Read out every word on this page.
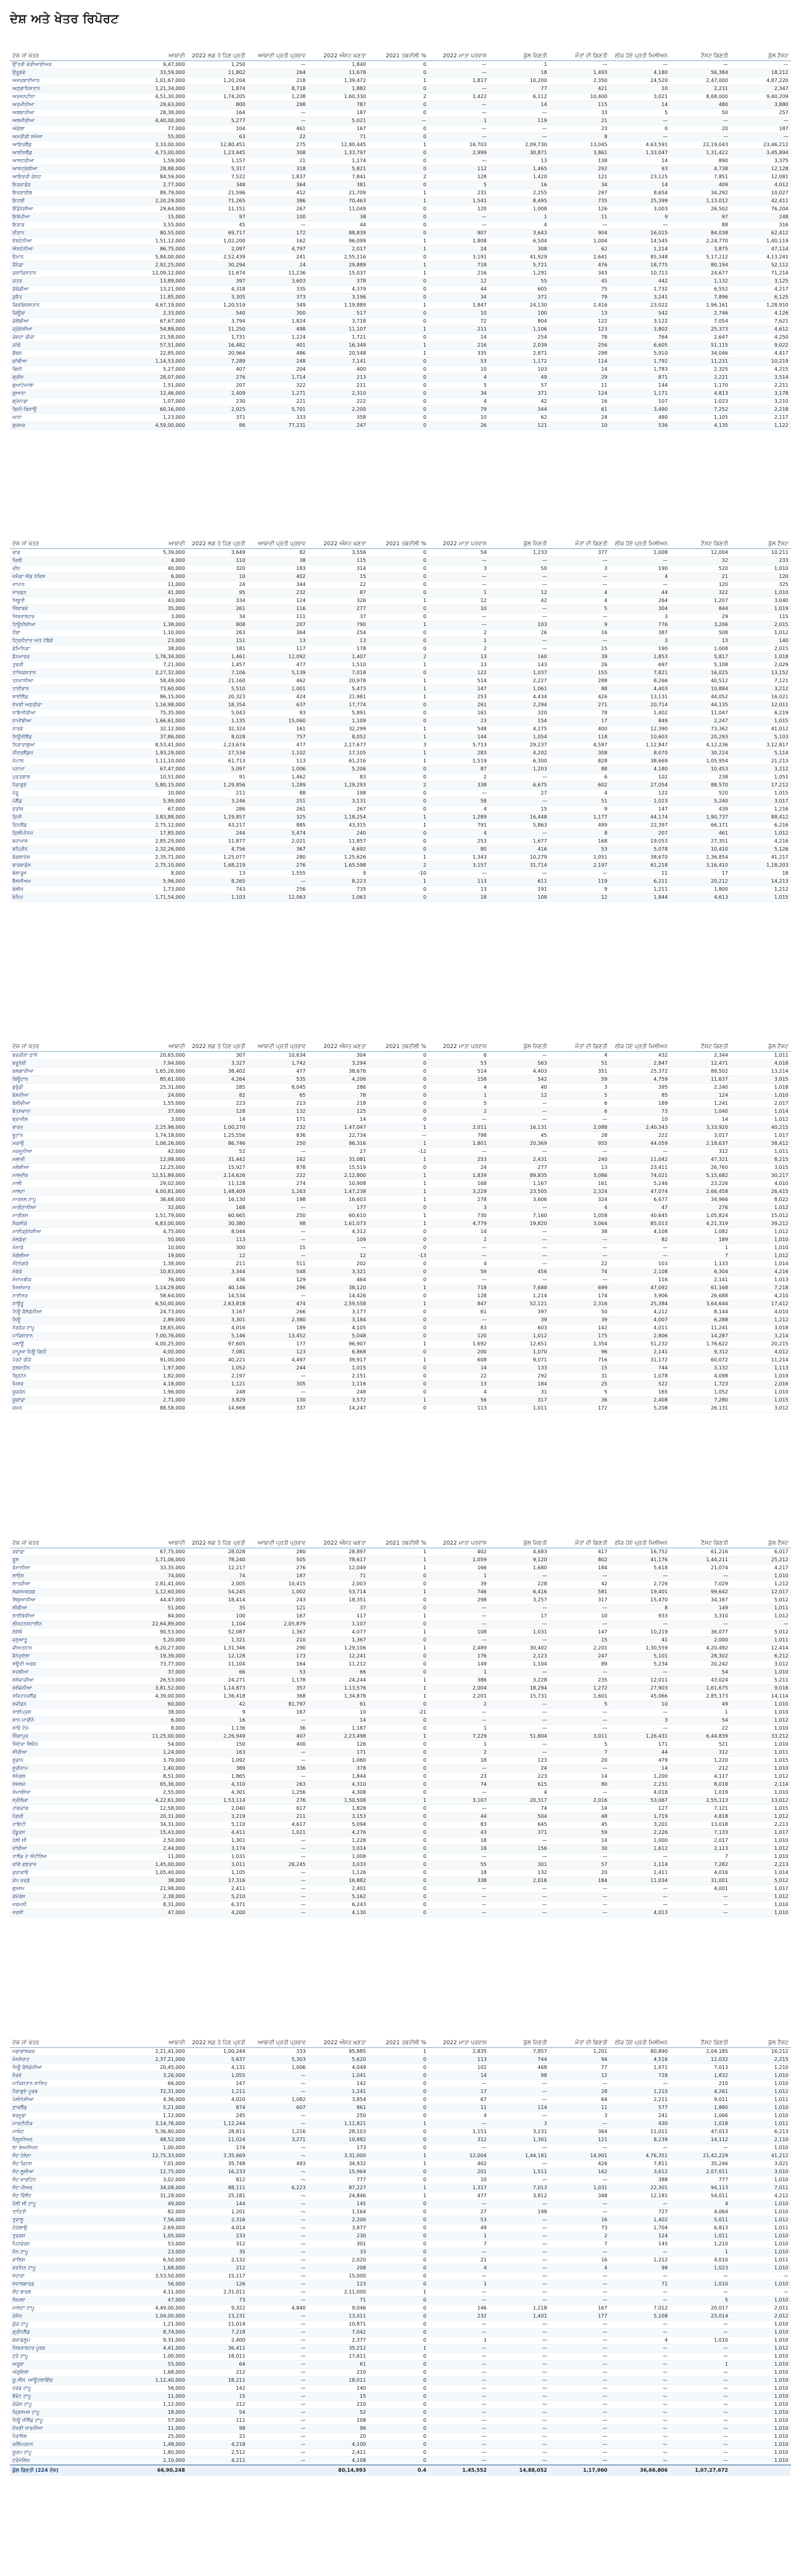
ਦੇਸ਼ ਅਤੇ ਖੇਤਰ ਰਿਪੋਰਟ
ਦੇਸ਼ ਜਾਂ ਖੇਤਰ	ਆਬਾਦੀ	2022 ਲਗ ਤੇ ਹਿਣ ਪ੍ਰਤੀ	ਆਬਾਦੀ ਪ੍ਰਤੀ ਪ੍ਰਭਾਵ	2022 ਔਸਤ ਘਣਤਾ	2021 ਤਬਦੀਲੀ %	2022 ਮਾਤਾ ਪਰਵਾਸ	ਕੁੱਲ ਜਿਣਤੀ	ਮੌਤਾਂ ਦੀ ਗਿਣਤੀ	ਠੀਕ ਹੋਏ ਪ੍ਰਤੀ ਮਿਲੀਅਨ	ਟੈਸਟ ਗਿਣਤੀ	ਕੁੱਲ ਟੈਸਟ
ਉੱਤਰੀ ਕੋਰੀਆਈਅਰ	9,47,000	1,250	—	1,840	0	—	1	—	—	—	—
ਉਰੂਗਵੇ	33,59,000	11,802	264	11,678	0	—	18	1,493	4,180	56,384	18,212
ਅਜ਼ਰਬਾਈਜਾਨ	1,01,67,000	1,20,204	218	1,39,472	1	1,817	10,200	2,350	24,520	2,47,000	4,87,220
ਅਫ਼ਗਾਨਿਸਤਾਨ	1,21,34,000	1,874	8,718	1,882	0	—	77	421	10	2,231	2,347
ਅਰਜਨਟੀਨਾ	4,51,30,000	1,74,205	1,238	1,60,330	2	1,422	6,112	10,400	3,021	8,68,000	9,40,209
ਅਰਮੀਨੀਆ	29,63,000	800	298	787	0	—	14	115	14	480	3,880
ਅਲਬਾਨੀਆ	28,38,000	164	—	187	0	—	—	33	5	50	257
ਅਲਜੀਰੀਆ	4,40,00,000	5,277	—	5,021	—	1	119	21	—	—	—
ਅੰਗੋਲਾ	77,000	104	461	167	0	—	—	23	0	20	187
ਅਮਰੀਕੀ ਸਮੋਆ	55,000	63	22	71	0	—	—	8	—	—	—
ਆਇਰਲੈਂਡ	3,33,00,000	12,80,451	275	12,80,445	1	16,703	2,09,730	13,045	4,63,591	22,19,043	23,46,212
ਆਈਸਲੈਂਡ	4,73,00,000	1,23,445	308	1,33,797	0	2,999	30,871	3,861	1,33,047	1,31,422	3,45,894
ਆਸਟਰੀਆ	1,59,000	1,157	21	1,174	0	—	13	138	14	890	3,375
ਆਸਟ੍ਰੇਲੀਆ	28,88,000	5,317	318	5,821	0	112	1,465	292	93	4,738	12,128
ਆਇਵਰੀ ਕੋਸਟ	84,59,000	7,522	1,837	7,841	2	128	1,420	121	23,125	7,851	12,081
ਇਕਵਾਡੋਰ	2,77,000	348	364	381	0	5	16	34	14	409	4,012
ਇਜ਼ਰਾਈਲ	89,79,000	21,596	412	21,709	1	231	2,255	297	8,654	34,292	10,027
ਇਟਲੀ	2,20,29,000	71,265	386	70,463	1	1,541	8,495	735	25,399	1,13,012	42,411
ਇੰਡੋਨੇਸ਼ੀਆ	29,64,000	11,151	267	11,049	0	120	1,008	126	3,003	26,502	76,204
ਇਥੋਪੀਆ	15,000	97	100	38	0	—	1	11	9	97	248
ਇਰਾਕ	3,55,000	45	—	44	0	—	4	—	—	88	316
ਈਰਾਨ	80,55,000	69,717	172	88,839	0	907	3,643	904	16,015	84,038	62,412
ਏਸਟੋਨੀਆ	1,51,12,000	1,02,200	162	96,099	1	1,808	6,504	1,004	14,545	2,24,770	1,40,119
ਐਸਟੋਨੀਆ	86,75,000	2,097	4,797	2,017	1	24	308	62	1,214	3,875	47,114
ਓਮਾਨ	5,84,00,000	2,52,439	241	2,55,116	0	3,191	41,929	2,641	85,348	5,17,212	4,13,241
ਕੈਨੇਡਾ	2,92,25,000	30,294	24	29,889	1	718	5,721	476	18,775	80,194	52,112
ਕਜ਼ਾਕਿਸਤਾਨ	12,09,12,000	11,674	11,236	15,037	1	216	1,291	343	10,713	24,677	71,214
ਕਤਰ	13,89,000	397	3,603	378	0	12	55	45	442	1,132	3,125
ਕੰਬੋਡੀਆ	13,21,000	4,318	335	4,379	0	44	605	75	1,732	6,552	4,217
ਕੁਵੈਤ	11,85,000	3,305	373	3,196	0	34	371	79	3,241	7,896	6,125
ਕਿਰਗਿਜ਼ਸਤਾਨ	4,67,19,000	1,20,519	349	1,19,889	1	1,847	24,130	2,416	23,022	1,96,161	1,28,910
ਕਿਊਬਾ	2,33,000	540	300	517	0	10	100	13	542	2,746	4,126
ਕੋਲੰਬੀਆ	67,67,000	3,794	1,824	3,718	0	72	804	122	3,122	7,054	7,621
ਕ੍ਰੋਏਸ਼ੀਆ	54,89,000	11,250	498	11,107	1	211	1,106	123	3,802	25,373	4,612
ਕੋਸਟਾ ਰੀਕਾ	21,58,000	1,731	1,224	1,721	0	14	254	78	764	2,647	4,250
ਕਾਂਗੋ	57,51,000	16,482	401	16,349	1	216	2,039	256	6,605	51,115	9,022
ਗੈਬਨ	22,85,000	20,964	486	20,548	1	335	2,871	298	5,910	34,046	4,417
ਗਾਂਬੀਆ	1,14,53,000	7,289	248	7,141	0	53	1,172	114	1,792	11,231	10,219
ਗਿਨੀ	5,27,000	407	204	400	0	10	103	14	1,783	2,325	4,215
ਗ੍ਰੀਸ	28,07,000	276	1,714	213	0	4	49	29	871	2,221	3,514
ਗੁਆਟੇਮਾਲਾ	1,51,000	207	322	211	0	5	57	11	144	1,170	2,211
ਗੁਆਨਾ	12,46,000	2,409	1,271	2,310	0	34	371	124	1,171	4,813	3,178
ਗ੍ਰੇਨਾਡਾ	1,07,000	230	221	222	0	4	42	16	107	1,023	3,210
ਗਿਨੀ-ਬਿਸਾਉ	60,16,000	2,025	5,701	2,200	0	79	344	61	3,490	7,252	2,218
ਘਾਨਾ	1,23,000	371	333	358	0	10	62	24	480	1,105	2,117
ਗੁਰਜਰ	4,59,00,000	86	77,231	247	0	26	121	10	536	4,135	1,122
ਦੇਸ਼ ਜਾਂ ਖੇਤਰ	ਆਬਾਦੀ	2022 ਲਗ ਤੇ ਹਿਣ ਪ੍ਰਤੀ	ਆਬਾਦੀ ਪ੍ਰਤੀ ਪ੍ਰਭਾਵ	2022 ਔਸਤ ਘਣਤਾ	2021 ਤਬਦੀਲੀ %	2022 ਮਾਤਾ ਪਰਵਾਸ	ਕੁੱਲ ਜਿਣਤੀ	ਮੌਤਾਂ ਦੀ ਗਿਣਤੀ	ਠੀਕ ਹੋਏ ਪ੍ਰਤੀ ਮਿਲੀਅਨ	ਟੈਸਟ ਗਿਣਤੀ	ਕੁੱਲ ਟੈਸਟ
ਚਾਡ	5,39,000	3,649	82	3,556	0	54	1,233	377	1,008	12,004	10,211
ਚਿਲੀ	4,000	110	38	115	0	—	—	—	—	32	233
ਚੀਨ	40,000	320	183	314	0	3	50	3	190	520	1,010
ਜਮੈਕਾ ਐਂਡ ਨੇਵਿਸ	6,000	10	402	15	0	—	—	—	4	21	120
ਜਾਪਾਨ	11,000	24	344	22	0	—	—	—	—	120	325
ਜਾਰਡਨ	41,000	95	232	87	0	1	12	4	44	322	1,010
ਜਿਬੂਤੀ	43,000	334	124	326	1	12	42	4	264	1,207	3,040
ਜ਼ਿੰਬਾਬਵੇ	35,000	261	116	277	0	10	—	5	304	844	1,019
ਜਿਬਰਾਲਟਰ	3,000	34	111	37	0	—	—	—	3	29	115
ਟਿਊਨੀਸ਼ੀਆ	1,38,000	808	207	790	1	—	103	9	776	3,206	2,015
ਟੋਂਗਾ	1,10,000	263	364	254	0	2	26	16	387	508	1,012
ਟ੍ਰਿਨੀਦਾਦ ਅਤੇ ਟੋਬੈਗੋ	23,000	151	13	13	0	1	—	—	3	13	140
ਡੋਮਿਨਿਕਾ	38,000	181	117	178	0	2	—	15	190	1,008	2,015
ਡੈਨਮਾਰਕ	1,78,34,000	1,461	12,092	1,407	2	13	160	39	1,853	5,817	1,018
ਤੁਰਕੀ	7,21,000	1,457	477	1,510	1	13	143	26	697	5,108	2,029
ਤਾਜਿਕਸਤਾਨ	2,27,32,000	7,106	5,139	7,018	0	122	1,037	155	7,821	16,025	13,152
ਤਨਜ਼ਾਨੀਆ	58,49,000	21,160	462	20,978	1	514	2,227	288	8,266	40,512	7,121
ਤਾਈਵਾਨ	73,60,000	5,510	1,001	5,473	1	147	1,061	88	4,403	10,884	3,212
ਥਾਈਲੈਂਡ	86,15,000	20,323	424	21,981	1	253	4,434	426	13,131	44,052	16,021
ਦੱਖਣੀ ਅਫ਼ਰੀਕਾ	1,16,98,000	18,354	637	17,774	0	261	2,294	271	20,714	44,135	12,011
ਨਾਇਜੀਰੀਆ	75,35,000	5,043	93	5,891	0	161	320	78	1,402	11,047	6,219
ਨਾਮੀਬੀਆ	1,66,61,000	1,135	15,060	1,109	0	23	154	17	849	2,247	1,015
ਨਾਰਵੇ	32,12,000	32,324	161	32,299	1	548	4,275	400	12,390	73,362	41,012
ਨਿਊਜ਼ੀਲੈਂਡ	37,86,000	8,028	757	8,052	1	144	1,054	118	10,603	20,293	5,103
ਨਿਕਾਰਾਗੁਆ	8,53,41,000	2,23,674	477	2,17,677	3	5,713	29,237	4,597	1,12,847	4,12,236	3,12,817
ਨੀਦਰਲੈਂਡਜ਼	1,93,29,000	17,534	1,102	17,105	1	283	4,202	308	8,070	30,224	5,114
ਨੇਪਾਲ	1,11,10,000	61,713	113	61,216	1	1,519	6,300	828	38,669	1,05,954	21,213
ਪਨਾਮਾ	67,47,000	5,097	1,006	5,206	0	87	1,203	88	4,180	10,453	3,212
ਪੁਰਤਗਾਲ	10,51,000	91	1,462	83	0	2	—	6	102	238	1,051
ਪੈਰਾਗੁਏ	5,80,15,000	1,29,856	1,289	1,29,293	2	338	6,675	602	27,054	88,570	17,212
ਪੇਰੂ	10,000	211	88	198	0	—	27	4	122	520	1,015
ਪੋਲੈਂਡ	5,99,000	3,246	251	3,131	0	58	—	51	1,023	5,240	3,017
ਫ਼ਰਾਂਸ	67,000	286	261	267	0	4	15	9	147	439	1,216
ਫ਼ਿਜੀ	3,83,88,000	1,19,857	325	1,18,254	1	1,289	16,448	1,177	44,174	1,90,737	88,412
ਫ਼ਿਨਲੈਂਡ	2,75,12,000	43,217	885	43,315	1	791	5,863	499	22,397	66,171	6,216
ਫ਼ਿਲੀਪੀਨਜ਼	17,85,000	244	5,474	240	0	4	—	8	207	461	1,012
ਬਹਾਮਾਸ	2,85,29,000	11,877	2,021	11,857	0	253	1,677	168	19,053	27,351	4,216
ਬਹਿਰੀਨ	2,32,26,000	4,756	367	4,692	0	80	416	53	5,078	10,410	5,126
ਬੰਗਲਾਦੇਸ਼	2,35,71,000	1,25,077	280	1,25,626	1	1,343	10,279	1,051	38,670	1,36,854	41,217
ਬਾਰਬਾਡੋਸ	2,75,10,000	1,68,219	276	1,65,598	2	3,157	31,714	2,197	61,218	3,16,410	1,18,203
ਬੇਲਾਰੂਸ	8,000	13	1,555	9	-10	—	—	—	11	17	18
ਬੈਲਜੀਅਮ	5,96,000	8,265	—	8,223	1	113	611	119	6,211	20,212	14,213
ਬੇਲੀਜ਼	1,73,000	743	256	735	0	13	191	9	1,211	1,800	1,212
ਬੇਨਿਨ	1,71,54,000	1,103	12,063	1,063	0	18	108	12	1,844	4,613	1,015
ਦੇਸ਼ ਜਾਂ ਖੇਤਰ	ਆਬਾਦੀ	2022 ਲਗ ਤੇ ਹਿਣ ਪ੍ਰਤੀ	ਆਬਾਦੀ ਪ੍ਰਤੀ ਪ੍ਰਭਾਵ	2022 ਔਸਤ ਘਣਤਾ	2021 ਤਬਦੀਲੀ %	2022 ਮਾਤਾ ਪਰਵਾਸ	ਕੁੱਲ ਜਿਣਤੀ	ਮੌਤਾਂ ਦੀ ਗਿਣਤੀ	ਠੀਕ ਹੋਏ ਪ੍ਰਤੀ ਮਿਲੀਅਨ	ਟੈਸਟ ਗਿਣਤੀ	ਕੁੱਲ ਟੈਸਟ
ਬਰਕੀਨਾ ਫ਼ਾਸੋ	20,65,000	307	10,634	304	0	6	—	4	432	2,344	1,011
ਬਰੂਨੇਈ	7,94,000	3,327	1,742	3,294	0	53	563	51	2,847	12,471	4,018
ਬਲਗਾਰੀਆ	1,65,26,000	38,402	477	38,676	0	514	4,403	351	25,372	89,502	13,214
ਬਿਊਟਾਨ	85,61,000	4,264	535	4,206	0	158	542	59	4,759	11,637	3,015
ਬੁਰੁੰਡੀ	25,31,000	285	8,045	286	0	4	40	3	395	2,240	1,018
ਬੋਸਨੀਆ	24,000	82	65	78	0	1	12	5	85	124	1,010
ਬੋਲੀਵੀਆ	1,55,000	223	213	218	0	5	—	6	189	1,241	2,017
ਬੋਤਸਵਾਨਾ	37,000	128	132	125	0	2	—	6	73	1,040	1,014
ਬ੍ਰਾਜ਼ੀਲ	3,000	14	171	14	0	—	—	—	10	14	1,012
ਭਾਰਤ	2,25,96,000	1,00,270	232	1,47,047	1	2,011	16,131	2,088	2,40,343	3,33,920	40,215
ਭੂਟਾਨ	1,74,18,000	1,25,556	836	22,734	—	798	45	28	222	3,017	1,017
ਮਕਾਉ	1,06,26,000	86,746	250	86,316	1	1,801	20,369	955	44,059	2,18,637	38,412
ਮਕਦੂਨੀਆ	42,000	52	—	27	-12	—	—	—	—	312	1,011
ਮਲਾਵੀ	12,98,000	31,442	162	31,081	1	253	2,431	240	11,042	47,321	8,215
ਮਲੇਸ਼ੀਆ	12,25,000	15,927	878	15,519	0	24	277	13	23,411	26,760	3,015
ਮਾਲਦੀਵ	12,51,89,000	2,14,626	222	2,12,800	1	1,839	89,835	3,086	74,021	5,15,682	30,217
ਮਾਲੀ	29,02,000	11,128	274	10,908	1	168	1,167	161	5,246	23,226	4,010
ਮਾਲਟਾ	4,00,81,000	1,48,409	1,263	1,47,238	1	3,229	23,505	2,324	47,074	2,66,458	26,415
ਮਾਰਸ਼ਲ ਟਾਪੂ	36,68,000	16,130	198	16,603	1	278	3,606	324	6,677	34,966	8,022
ਮਾਰੀਟਾਨੀਆ	32,000	168	—	177	0	3	—	4	47	276	1,012
ਮਾਰੀਸ਼ਸ	1,51,79,000	60,665	250	60,610	1	730	7,160	1,058	40,645	1,05,824	15,012
ਮੈਕਸੀਕੋ	6,83,00,000	30,380	98	1,61,073	1	4,779	19,820	3,064	85,013	4,21,319	39,212
ਮਾਈਕ੍ਰੋਨੇਸ਼ੀਆ	4,75,000	8,044	—	4,312	0	14	—	38	4,108	1,082	1,012
ਮੋਲਡੋਵਾ	50,000	113	—	109	0	2	—	—	82	189	1,010
ਮੋਨਾਕੋ	10,000	300	15	—	0	—	—	—	—	1	1,010
ਮੰਗੋਲੀਆ	19,000	12	—	12	-13	—	—	—	—	7	1,012
ਮੋਂਟੇਨੇਗਰੋ	1,38,000	211	511	202	0	4	—	22	103	1,133	1,014
ਮੋਰੱਕੋ	10,83,000	3,344	548	3,321	0	59	456	74	2,108	6,304	4,216
ਮੋਜ਼ਾਮਬੀਕ	76,000	436	129	464	0	—	—	—	116	2,141	1,013
ਮਿਆਂਮਾਰ	1,14,29,000	40,146	296	38,120	1	718	7,688	699	47,092	61,168	7,218
ਨਾਈਜਰ	58,64,000	14,534	—	14,426	0	128	1,214	174	3,906	26,688	4,210
ਨਾਉਰੂ	6,50,00,000	2,63,818	474	2,59,558	1	847	52,121	2,316	25,384	3,64,644	17,412
ਨਿਊ ਕੈਲੇਡੋਨੀਆ	24,73,000	3,167	266	3,177	0	61	397	50	4,212	8,144	4,010
ਨਿਊ	2,89,000	3,301	2,380	3,184	0	—	39	39	4,007	6,288	1,212
ਨੋਰਫੋਕ ਟਾਪੂ	18,65,000	4,016	189	4,105	0	83	603	142	4,011	11,241	3,018
ਪਾਕਿਸਤਾਨ	7,00,76,000	5,146	13,452	5,048	0	120	1,012	175	2,806	14,287	3,214
ਪਲਾਊ	4,00,25,000	97,605	177	96,907	1	1,692	12,651	1,354	51,232	1,76,622	20,215
ਪਾਪੂਆ ਨਿਊ ਗਿਨੀ	4,00,000	7,081	123	6,868	0	200	1,070	96	2,141	9,312	4,012
ਪੋਰਟੋ ਰੀਕੋ	91,00,000	40,221	4,497	39,917	1	608	9,071	716	31,172	60,072	11,214
ਫ਼ਲਸਤੀਨ	1,97,000	1,052	244	1,015	0	14	133	15	744	3,132	1,113
ਬ੍ਰਿਟੇਨ	1,82,000	2,197	—	2,151	0	22	292	31	1,078	4,098	1,019
ਮਿਸਰ	4,18,000	1,121	305	1,116	0	13	184	25	522	1,723	2,016
ਯੂਕਰੇਨ	1,96,000	248	—	248	0	4	31	5	165	1,052	1,010
ਯੂਗਾਂਡਾ	2,71,000	3,829	130	3,572	1	56	317	36	2,408	7,280	1,015
ਯਮਨ	88,58,000	14,668	337	14,247	0	113	1,011	172	5,208	26,131	3,012
ਦੇਸ਼ ਜਾਂ ਖੇਤਰ	ਆਬਾਦੀ	2022 ਲਗ ਤੇ ਹਿਣ ਪ੍ਰਤੀ	ਆਬਾਦੀ ਪ੍ਰਤੀ ਪ੍ਰਭਾਵ	2022 ਔਸਤ ਘਣਤਾ	2021 ਤਬਦੀਲੀ %	2022 ਮਾਤਾ ਪਰਵਾਸ	ਕੁੱਲ ਜਿਣਤੀ	ਮੌਤਾਂ ਦੀ ਗਿਣਤੀ	ਠੀਕ ਹੋਏ ਪ੍ਰਤੀ ਮਿਲੀਅਨ	ਟੈਸਟ ਗਿਣਤੀ	ਕੁੱਲ ਟੈਸਟ
ਰਵਾਂਡਾ	67,75,000	28,028	280	28,897	1	402	4,683	417	16,752	61,216	6,017
ਰੂਸ	1,71,06,000	78,240	505	78,617	1	1,059	9,120	802	41,176	1,44,211	25,212
ਰੋਮਾਨੀਆ	33,35,000	12,217	276	12,049	1	166	1,680	184	5,618	21,074	4,217
ਲਾਓਸ	74,000	74	187	71	0	1	—	—	—	—	1,010
ਲਾਤਵੀਆ	2,81,41,000	2,005	10,415	2,003	0	39	228	42	2,726	7,029	1,212
ਲਕਸਮਬਰਗ	1,12,60,000	54,245	1,002	53,714	1	746	6,416	581	19,401	99,642	12,017
ਲਿਥੁਆਨੀਆ	44,47,000	18,414	243	18,351	0	298	3,257	317	15,470	34,167	5,012
ਲੀਬੀਆ	51,000	35	121	37	0	—	—	—	8	149	1,011
ਲਾਈਬੇਰੀਆ	84,000	100	167	117	1	—	17	10	933	3,310	1,012
ਲੀਖਟਨਸ਼ਟਾਈਨ	22,64,89,000	1,104	2,05,879	1,107	0	—	—	—	—	—	—
ਲੇਸੋਥੋ	90,53,000	52,087	1,367	4,077	1	108	1,031	147	10,219	36,077	5,012
ਵਨੁਆਤੂ	5,20,000	1,321	210	1,367	0	—	—	15	41	2,000	1,011
ਵੀਅਤਨਾਮ	6,20,27,000	1,31,346	290	1,29,106	1	2,489	30,402	2,201	1,30,559	4,20,492	12,414
ਵੈਨੇਜ਼ੁਏਲਾ	19,39,000	12,128	173	12,241	0	176	2,123	247	5,101	28,302	6,212
ਸਊਦੀ ਅਰਬ	73,77,000	11,104	164	11,212	0	149	1,104	89	5,234	20,242	3,012
ਸਰਬੀਆ	37,000	66	53	66	0	1	—	—	—	54	1,010
ਸਲੋਵਾਕੀਆ	26,53,000	24,271	1,178	24,244	1	386	3,228	235	12,011	43,024	5,211
ਸਲੋਵੇਨੀਆ	3,81,52,000	1,14,873	357	1,13,576	1	2,004	18,294	1,272	27,903	1,61,675	9,016
ਸਵਿਟਜ਼ਰਲੈਂਡ	4,39,00,000	1,36,418	368	1,34,878	1	2,201	15,731	1,601	45,066	2,85,173	14,114
ਸਵੀਡਨ	60,000	42	81,797	61	0	2	—	5	10	49	1,010
ਸਾਈਪ੍ਰਸ	38,000	9	167	10	-21	—	—	—	—	1	1,010
ਸਾਨ ਮਾਰੀਨੋ	6,000	16	—	14	0	—	—	—	3	54	1,012
ਸਾਓ ਟੋਮੇ	8,000	1,136	36	1,187	0	1	—	—	—	22	1,010
ਸਿੰਗਾਪੁਰ	11,25,00,000	2,26,949	407	2,23,498	1	7,229	51,804	3,011	1,26,431	6,44,839	33,212
ਸਿਏਰਾ ਲਿਓਨ	54,000	150	400	126	0	1	—	5	171	521	1,010
ਸੀਰੀਆ	1,24,000	163	—	171	0	2	—	7	44	312	1,011
ਸੂਡਾਨ	3,70,000	1,092	—	1,060	0	18	123	20	479	1,220	1,015
ਸੂਰੀਨਾਮ	1,40,000	389	336	378	0	—	24	—	14	212	1,010
ਸੇਨੇਗਲ	8,51,000	1,865	—	1,844	0	23	223	14	1,200	4,117	1,012
ਸੇਸ਼ਲਜ਼	65,36,000	4,310	263	4,310	0	74	615	80	2,231	8,018	2,114
ਸੋਮਾਲੀਆ	2,55,000	4,301	1,256	4,308	0	—	4	—	4,018	1,019	1,010
ਸ੍ਰੀਲੰਕਾ	4,22,61,000	1,53,114	276	1,50,508	1	3,107	20,317	2,016	53,067	2,55,113	13,012
ਹਾਂਗਕਾਂਗ	12,58,000	2,040	617	1,828	0	—	74	14	127	7,121	1,015
ਹੰਗਰੀ	20,31,000	3,219	211	3,153	0	44	504	48	1,719	4,818	1,012
ਹਾਇਟੀ	34,31,000	5,110	4,617	5,094	0	83	645	45	3,201	13,018	2,213
ਹੋਂਡੂਰਸ	15,43,000	4,411	1,021	4,276	0	43	371	59	2,226	7,133	1,017
ਹੋਲੀ ਸੀ	2,50,000	1,301	—	1,228	0	18	—	14	1,000	2,017	1,010
ਜ਼ਾਂਬੀਆ	2,44,000	3,174	—	3,014	0	18	156	30	1,612	2,113	1,012
ਹਾਲੈਂਡ ਦੇ ਐਂਟੀਲਿਜ਼	11,000	1,031	—	1,008	0	—	—	—	—	7	1,010
ਕਾਂਗੋ ਗਣਰਾਜ	1,45,00,000	3,011	26,245	3,033	0	55	301	57	1,114	7,282	2,213
ਕੁਰਾਕਾਓ	1,05,40,000	1,105	—	1,126	0	18	132	20	1,411	4,016	1,014
ਕੇਪ ਵਰਡੇ	38,000	17,316	—	16,882	0	338	2,016	184	11,034	31,001	5,012
ਗੁਆਮ	21,98,000	2,411	—	2,401	0	—	—	—	—	4,001	1,017
ਕੋਮੋਰੋਸ	2,38,000	5,210	—	5,162	0	—	—	—	—	—	1,012
ਜਰਮਨੀ	8,31,000	6,371	—	6,243	0	—	—	—	—	—	1,010
ਜਰਸੀ	47,000	4,200	—	4,130	0	—	—	—	4,013	—	1,010
ਦੇਸ਼ ਜਾਂ ਖੇਤਰ	ਆਬਾਦੀ	2022 ਲਗ ਤੇ ਹਿਣ ਪ੍ਰਤੀ	ਆਬਾਦੀ ਪ੍ਰਤੀ ਪ੍ਰਭਾਵ	2022 ਔਸਤ ਘਣਤਾ	2021 ਤਬਦੀਲੀ %	2022 ਮਾਤਾ ਪਰਵਾਸ	ਕੁੱਲ ਜਿਣਤੀ	ਮੌਤਾਂ ਦੀ ਗਿਣਤੀ	ਠੀਕ ਹੋਏ ਪ੍ਰਤੀ ਮਿਲੀਅਨ	ਟੈਸਟ ਗਿਣਤੀ	ਕੁੱਲ ਟੈਸਟ
ਮਡਾਗਾਸਕਰ	2,21,41,000	1,00,244	333	95,885	1	2,835	7,857	1,201	80,890	2,04,185	16,212
ਮੋਨਸੇਰਾਟ	2,37,21,000	5,637	5,303	5,620	0	113	744	94	4,516	12,032	2,215
ਨਿਊ ਕੈਲੇਡੋਨੀਆ	20,45,000	4,131	1,006	4,049	0	102	468	77	1,971	7,013	1,210
ਨੌਰਵੇ	3,26,000	1,055	—	1,041	0	14	98	12	728	1,832	1,010
ਪਾਕਿਸਤਾਨ ਸ਼ਾਸਿਤ	66,000	147	—	142	0	—	—	—	—	210	1,010
ਪੈਰਾਗੁਏ ਪੂਰਬ	72,31,000	1,211	—	1,241	0	17	—	28	1,210	4,261	1,012
ਪੋਲੀਨੇਸ਼ੀਆ	4,36,000	4,020	1,082	3,854	0	67	—	64	2,211	9,011	1,011
ਫ਼ਾਕਲੈਂਡ	5,21,000	874	607	861	0	11	114	11	577	1,880	1,010
ਬਰਮੂਡਾ	1,12,000	245	—	250	0	4	—	3	241	1,066	1,010
ਮਾਰਟੀਨੀਕ	3,14,76,000	1,12,244	—	1,11,821	1	—	3	—	430	1,018	1,011
ਮਾਯੋਟ	5,36,80,000	28,811	1,216	28,103	0	1,151	3,231	364	11,011	47,013	6,213
ਰਿਯੂਨੀਅਨ	48,52,000	11,024	3,271	10,882	0	312	1,301	121	8,239	14,112	2,110
ਲਾ ਰੇਅਨੀਅਨ	1,00,000	174	—	173	0	—	—	—	—	—	1,010
ਸੇਂਟ ਹੇਲੇਨਾ	12,75,33,000	3,35,669	—	3,31,000	1	12,004	1,44,181	14,901	4,76,351	21,42,229	41,212
ਸੇਂਟ ਕਿਟਸ	7,01,000	35,748	493	34,932	1	402	—	426	7,811	35,246	3,021
ਸੇਂਟ ਲੂਸੀਆ	12,75,000	16,233	—	15,964	0	201	1,511	162	3,612	2,07,011	3,010
ਸੇਂਟ ਮਾਰਟਿਨ	3,02,000	812	—	777	0	10	—	—	388	777	1,010
ਸੇਂਟ ਪੀਅਰ	34,08,000	88,111	6,223	87,227	1	1,317	7,013	1,031	22,301	94,113	7,011
ਸੇਂਟ ਵਿੰਸੈਂਟ	31,28,000	25,181	—	24,846	1	477	3,812	348	12,181	54,011	4,212
ਹੋਲੀ ਸੀ ਟਾਪੂ	49,000	144	—	145	0	—	—	—	—	4	1,010
ਤਾਹਿਤੀ	82,000	1,201	—	1,164	0	27	198	—	727	4,064	1,010
ਤੁਵਾਲੂ	7,56,000	2,316	—	2,200	0	53	—	16	1,402	5,011	1,012
ਟੋਕੇਲਾਉ	2,69,000	4,014	—	3,877	0	49	—	73	1,704	6,813	1,011
ਤੁਰਕਸ	1,05,000	233	—	230	0	1	—	2	124	1,011	1,010
ਪਿਟਕੇਰਨ	53,000	312	—	301	0	7	—	7	145	1,210	1,010
ਮੈਨ ਟਾਪੂ	23,000	35	—	33	0	—	—	—	—	1	1,010
ਵਾਲਿਸ	6,50,000	2,132	—	2,020	0	21	—	16	1,212	4,010	1,011
ਵਰਜਿਨ ਟਾਪੂ	1,68,000	212	—	208	0	4	—	4	98	1,023	1,010
ਸਹਾਰਾ	3,53,50,000	15,117	—	15,000	0	—	—	—	—	—	—
ਸਵਾਲਬਾਰਡ	56,000	126	—	123	0	1	—	—	71	1,010	1,010
ਸੇਂਟ ਬਾਰਥ	4,11,000	2,31,011	—	2,11,000	1	—	—	—	—	—	—
ਸ਼ਿਮਲਾ	47,000	73	—	71	0	—	—	—	—	5	1,010
ਮਾਲਟਾ ਟਾਪੂ	4,49,00,000	9,322	4,840	9,046	0	146	1,218	167	7,012	20,017	2,011
ਕੇਮੈਨ	1,04,00,000	13,231	—	13,011	0	232	1,401	177	5,108	23,014	2,012
ਕੁੱਕ ਟਾਪੂ	1,21,000	11,014	—	10,871	0	—	—	—	—	—	1,010
ਗ੍ਰੀਨਲੈਂਡ	8,74,000	7,218	—	7,042	0	—	—	—	—	—	1,010
ਗਵਾਡਲੂਪ	9,31,000	2,400	—	2,377	0	1	—	—	4	1,010	1,010
ਜਿਬਰਾਲਟਰ ਪੂਰਬ	4,41,000	36,411	—	35,212	1	—	—	—	—	—	1,012
ਫ਼ਰੋ ਟਾਪੂ	1,00,000	18,011	—	17,611	0	—	—	—	—	—	1,010
ਅਰੂਬਾ	55,000	64	—	61	0	—	—	—	—	1	1,010
ਅੰਗੁਇਲਾ	1,68,000	212	—	210	0	—	—	—	—	—	1,010
ਯੂ.ਐੱਸ. ਆਊਟਲਾਇੰਗ	1,12,40,000	18,211	—	18,011	0	—	—	—	—	—	1,010
ਹਰਡ ਟਾਪੂ	56,000	142	—	140	0	—	—	—	—	—	1,010
ਬੌਵੇਟ ਟਾਪੂ	11,000	15	—	15	0	—	—	—	—	—	1,010
ਕੋਕੋਸ ਟਾਪੂ	1,12,000	212	—	210	0	—	—	—	—	—	1,010
ਕ੍ਰਿਸਮਸ ਟਾਪੂ	18,000	54	—	52	0	—	—	—	—	—	1,010
ਨਿਊ ਜ਼ੀਲੈਂਡ ਟਾਪੂ	57,000	111	—	108	0	—	—	—	—	—	1,010
ਦੱਖਣੀ ਜਾਰਜੀਆ	11,000	98	—	96	0	—	—	—	—	—	1,010
ਪੈਰਾਸੈਲ	25,000	21	—	20	0	—	—	—	—	—	1,010
ਕਲਿੱਪਰਟਨ	1,48,000	4,218	—	4,100	0	—	—	—	—	—	1,010
ਯੂਰਪ ਟਾਪੂ	1,80,000	2,512	—	2,411	0	—	—	—	—	—	1,010
ਟਰੋਮੇਲਿਨ	2,10,000	4,211	—	4,108	0	—	—	—	—	—	1,010
ਕੁੱਲ ਗਿਣਤੀ (224 ਦੇਸ਼)	66,90,248			80,14,993	0.4	1,45,552	14,88,052	1,17,960	36,66,806	1,07,27,672	
